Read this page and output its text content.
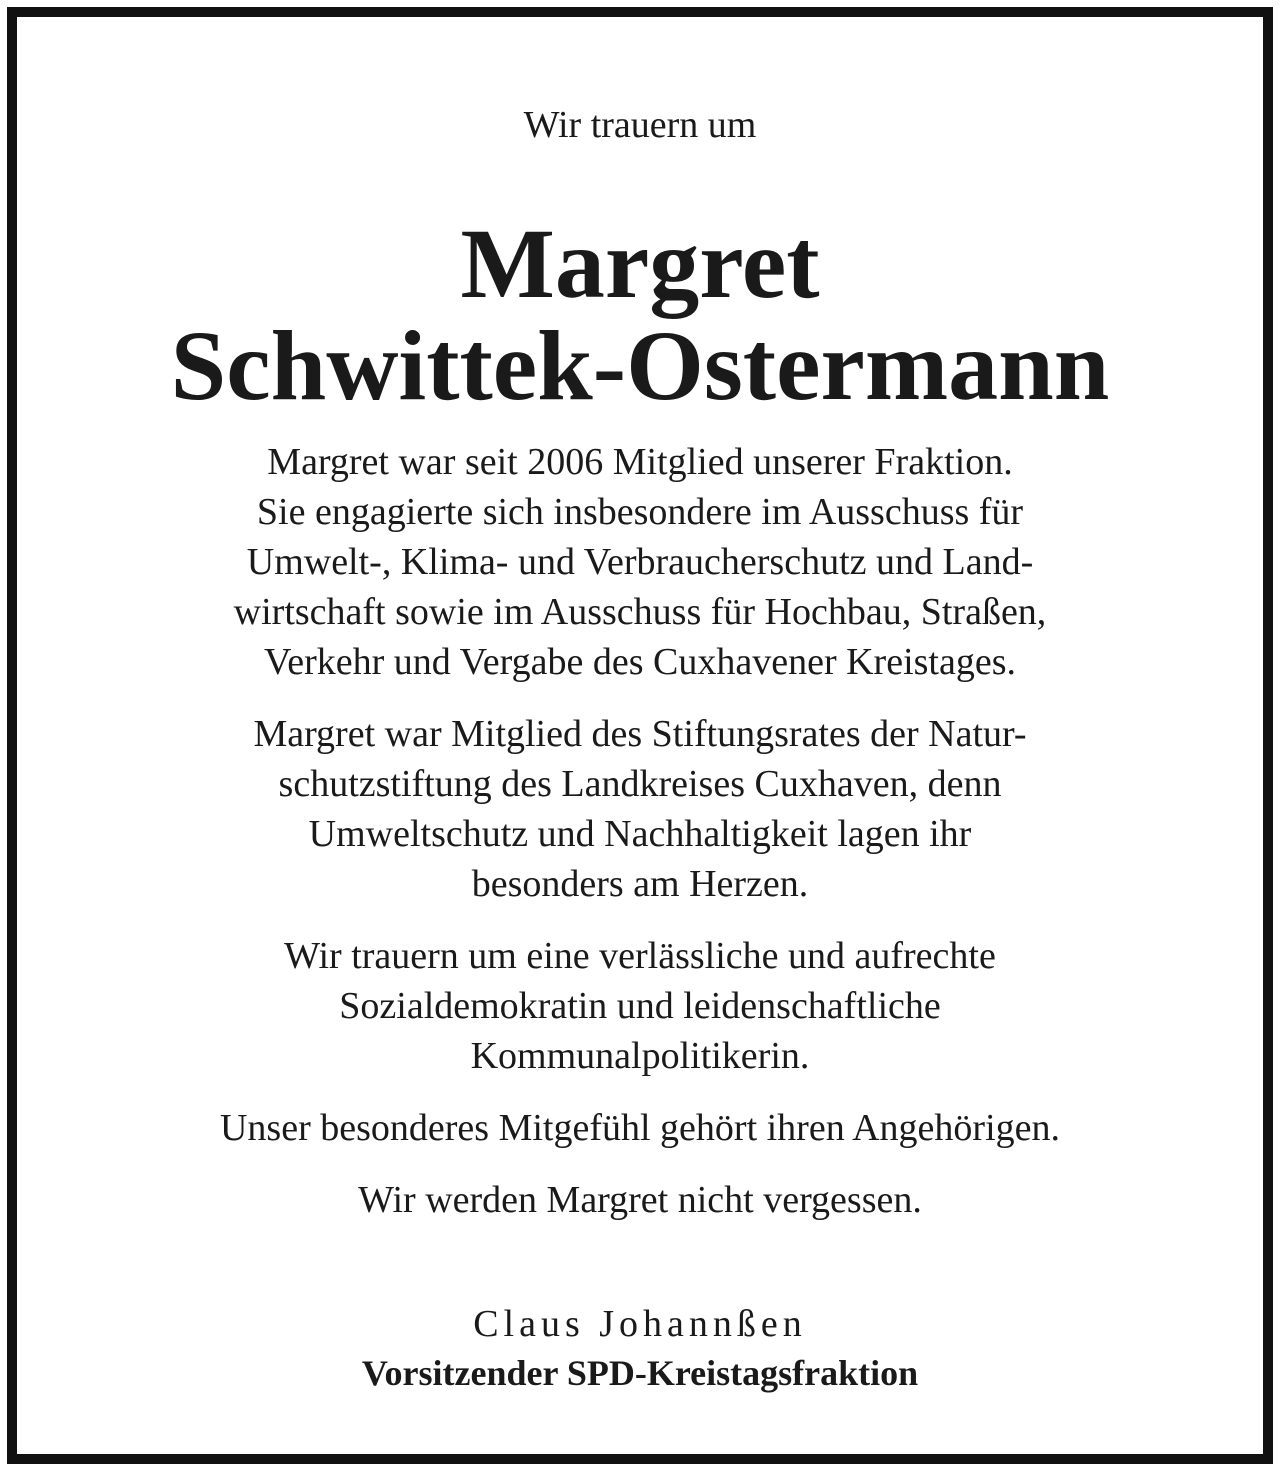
Wir trauern um
Margret
Schwittek-Ostermann
Margret war seit 2006 Mitglied unserer Fraktion.
Sie engagierte sich insbesondere im Ausschuss für
Umwelt-, Klima- und Verbraucherschutz und Land-
wirtschaft sowie im Ausschuss für Hochbau, Straßen,
Verkehr und Vergabe des Cuxhavener Kreistages.
Margret war Mitglied des Stiftungsrates der Natur-
schutzstiftung des Landkreises Cuxhaven, denn
Umweltschutz und Nachhaltigkeit lagen ihr
besonders am Herzen.
Wir trauern um eine verlässliche und aufrechte
Sozialdemokratin und leidenschaftliche
Kommunalpolitikerin.
Unser besonderes Mitgefühl gehört ihren Angehörigen.
Wir werden Margret nicht vergessen.
Claus Johannßen
Vorsitzender SPD-Kreistagsfraktion
